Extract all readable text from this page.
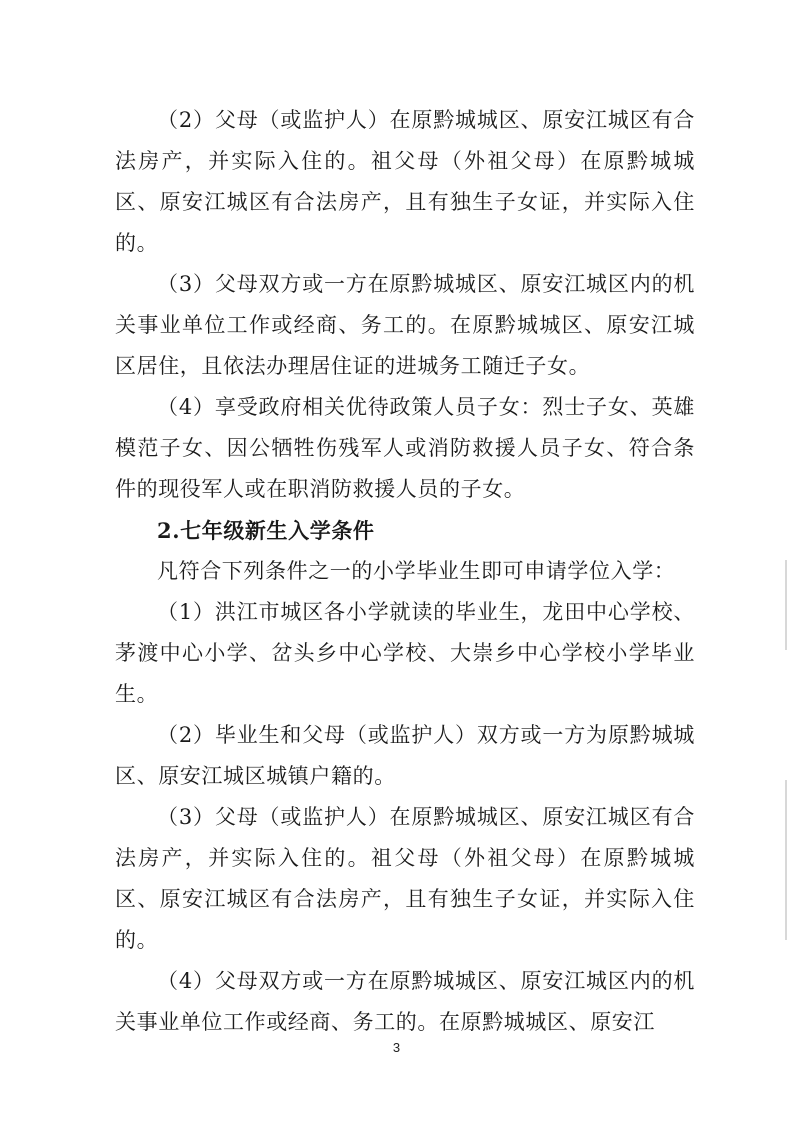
（2）父母（或监护人）在原黔城城区、原安江城区有合法房产，并实际入住的。祖父母（外祖父母）在原黔城城区、原安江城区有合法房产，且有独生子女证，并实际入住的。

（3）父母双方或一方在原黔城城区、原安江城区内的机关事业单位工作或经商、务工的。在原黔城城区、原安江城区居住，且依法办理居住证的进城务工随迁子女。

（4）享受政府相关优待政策人员子女：烈士子女、英雄模范子女、因公牺牲伤残军人或消防救援人员子女、符合条件的现役军人或在职消防救援人员的子女。

2.七年级新生入学条件

凡符合下列条件之一的小学毕业生即可申请学位入学：

（1）洪江市城区各小学就读的毕业生，龙田中心学校、茅渡中心小学、岔头乡中心学校、大崇乡中心学校小学毕业生。

（2）毕业生和父母（或监护人）双方或一方为原黔城城区、原安江城区城镇户籍的。

（3）父母（或监护人）在原黔城城区、原安江城区有合法房产，并实际入住的。祖父母（外祖父母）在原黔城城区、原安江城区有合法房产，且有独生子女证，并实际入住的。

（4）父母双方或一方在原黔城城区、原安江城区内的机关事业单位工作或经商、务工的。在原黔城城区、原安江

3
